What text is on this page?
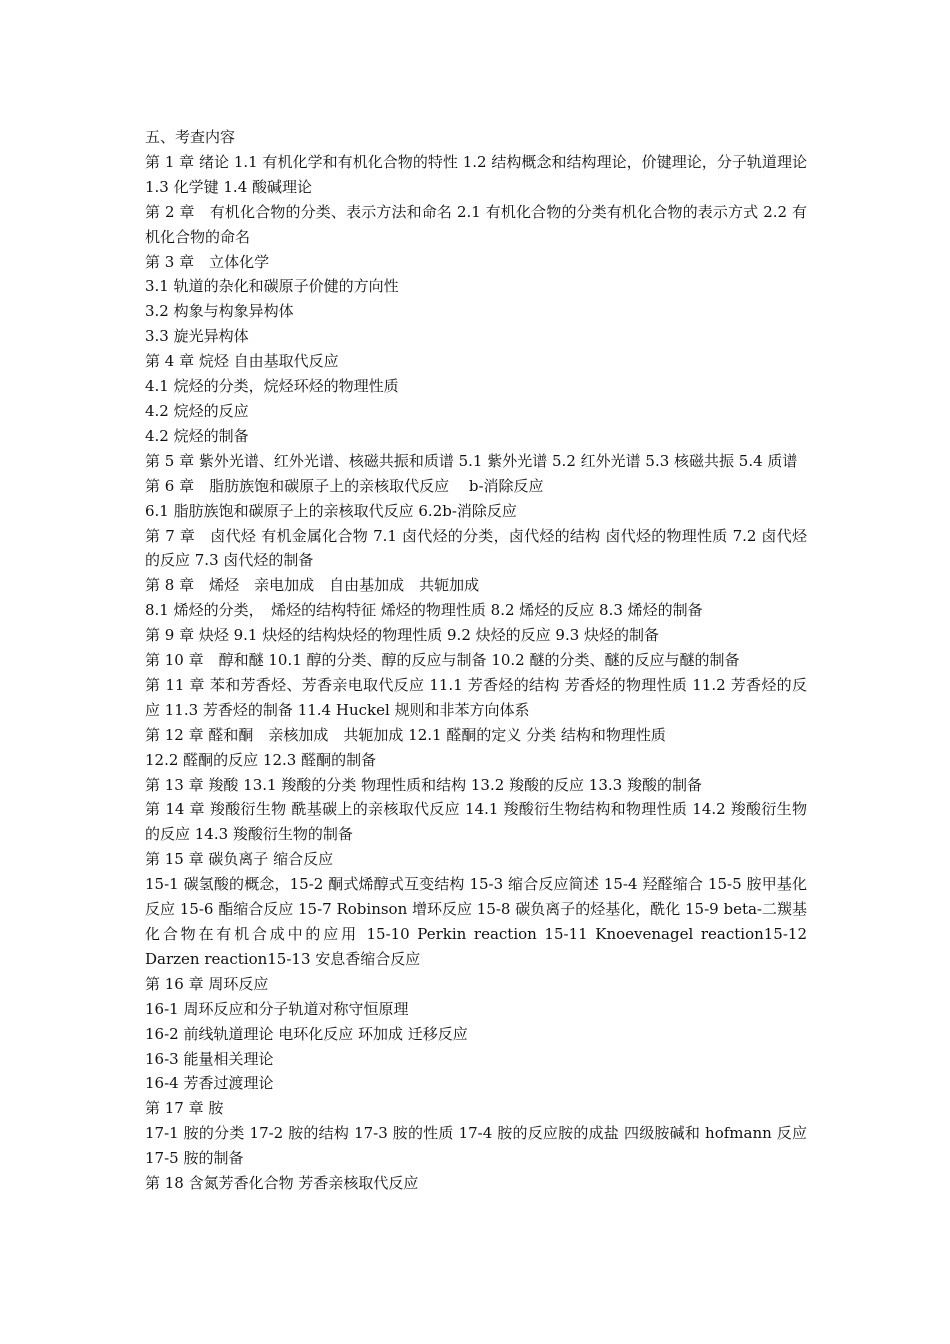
五、考查内容

第 1 章 绪论 1.1 有机化学和有机化合物的特性 1.2 结构概念和结构理论，价键理论，分子轨道理论 1.3 化学键 1.4 酸碱理论

第 2 章　有机化合物的分类、表示方法和命名 2.1 有机化合物的分类有机化合物的表示方式 2.2 有机化合物的命名

第 3 章　立体化学

3.1 轨道的杂化和碳原子价健的方向性

3.2 构象与构象异构体

3.3 旋光异构体

第 4 章 烷烃 自由基取代反应

4.1 烷烃的分类，烷烃环烃的物理性质

4.2 烷烃的反应

4.2 烷烃的制备

第 5 章 紫外光谱、红外光谱、核磁共振和质谱 5.1 紫外光谱 5.2 红外光谱 5.3 核磁共振 5.4 质谱

第 6 章　脂肪族饱和碳原子上的亲核取代反应　 b-消除反应

6.1 脂肪族饱和碳原子上的亲核取代反应 6.2b-消除反应

第 7 章　卤代烃 有机金属化合物 7.1 卤代烃的分类，卤代烃的结构 卤代烃的物理性质 7.2 卤代烃的反应 7.3 卤代烃的制备

第 8 章　烯烃　亲电加成　自由基加成　共轭加成

8.1 烯烃的分类，　烯烃的结构特征 烯烃的物理性质 8.2 烯烃的反应 8.3 烯烃的制备

第 9 章 炔烃 9.1 炔烃的结构炔烃的物理性质 9.2 炔烃的反应 9.3 炔烃的制备

第 10 章　醇和醚 10.1 醇的分类、醇的反应与制备 10.2 醚的分类、醚的反应与醚的制备

第 11 章 苯和芳香烃、芳香亲电取代反应 11.1 芳香烃的结构 芳香烃的物理性质 11.2 芳香烃的反应 11.3 芳香烃的制备 11.4 Huckel 规则和非苯方向体系

第 12 章 醛和酮　亲核加成　共轭加成 12.1 醛酮的定义 分类 结构和物理性质

12.2 醛酮的反应 12.3 醛酮的制备

第 13 章 羧酸 13.1 羧酸的分类 物理性质和结构 13.2 羧酸的反应 13.3 羧酸的制备

第 14 章 羧酸衍生物 酰基碳上的亲核取代反应 14.1 羧酸衍生物结构和物理性质 14.2 羧酸衍生物的反应 14.3 羧酸衍生物的制备

第 15 章 碳负离子 缩合反应

15-1 碳氢酸的概念，15-2 酮式烯醇式互变结构 15-3 缩合反应简述 15-4 羟醛缩合 15-5 胺甲基化反应 15-6 酯缩合反应 15-7 Robinson 增环反应 15-8 碳负离子的烃基化，酰化 15-9 beta-二羰基化合物在有机合成中的应用 15-10 Perkin reaction 15-11 Knoevenagel reaction15-12 Darzen reaction15-13 安息香缩合反应

第 16 章 周环反应

16-1 周环反应和分子轨道对称守恒原理

16-2 前线轨道理论 电环化反应 环加成 迁移反应

16-3 能量相关理论

16-4 芳香过渡理论

第 17 章 胺

17-1 胺的分类 17-2 胺的结构 17-3 胺的性质 17-4 胺的反应胺的成盐 四级胺碱和 hofmann 反应 17-5 胺的制备

第 18 含氮芳香化合物 芳香亲核取代反应
